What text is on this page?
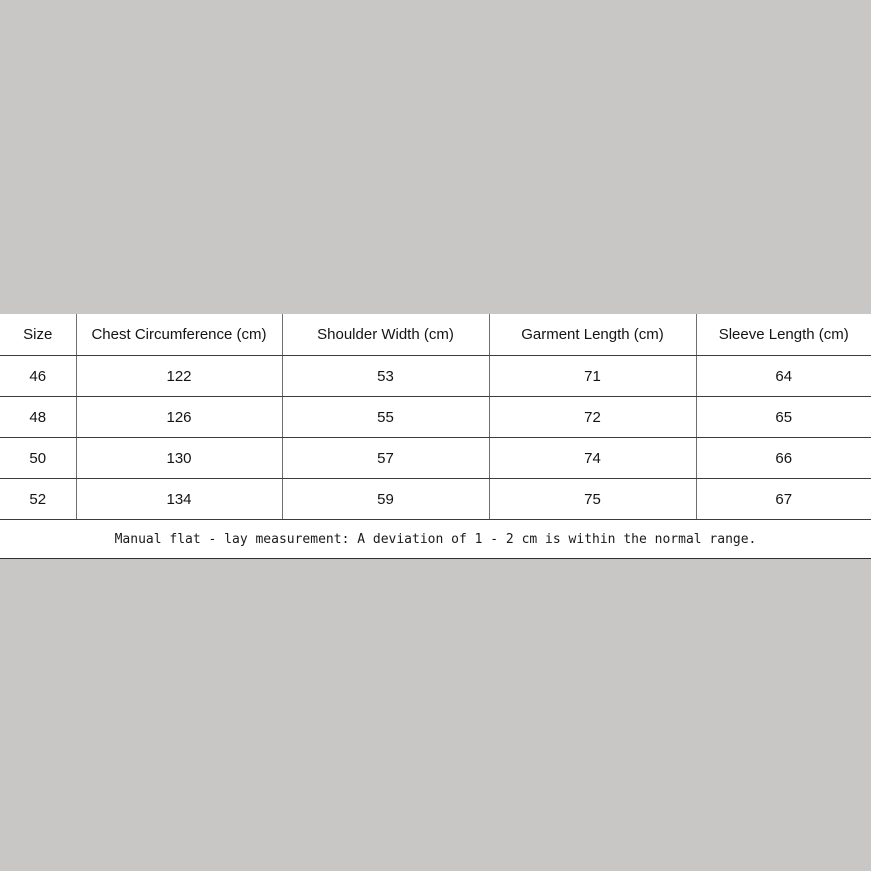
Size	Chest Circumference (cm)	Shoulder Width (cm)	Garment Length (cm)	Sleeve Length (cm)
46	122	53	71	64
48	126	55	72	65
50	130	57	74	66
52	134	59	75	67
Manual flat - lay measurement: A deviation of 1 - 2 cm is within the normal range.
